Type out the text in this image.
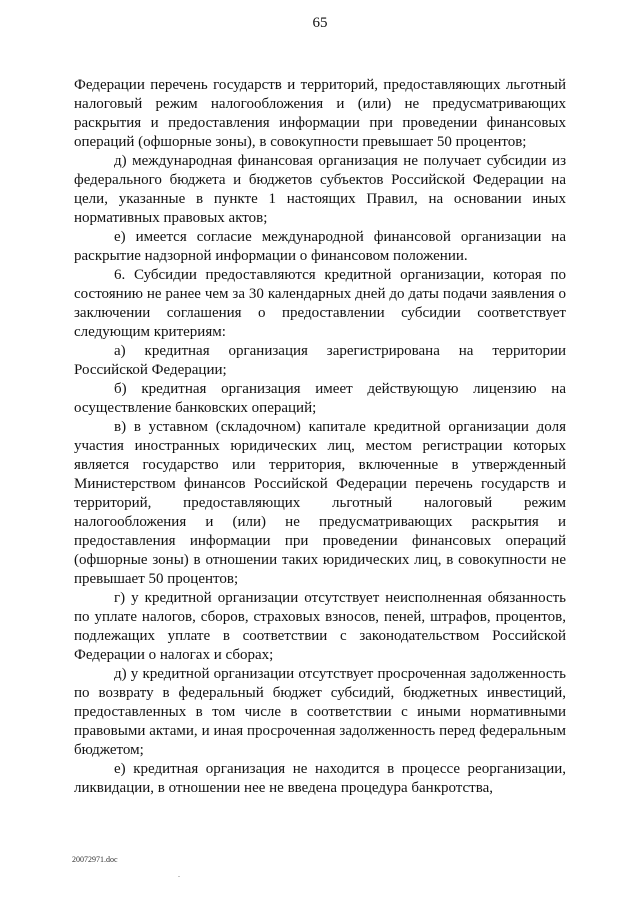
65

Федерации перечень государств и территорий, предоставляющих льготный налоговый режим налогообложения и (или) не предусматривающих раскрытия и предоставления информации при проведении финансовых операций (офшорные зоны), в совокупности превышает 50 процентов;

д) международная финансовая организация не получает субсидии из федерального бюджета и бюджетов субъектов Российской Федерации на цели, указанные в пункте 1 настоящих Правил, на основании иных нормативных правовых актов;

е) имеется согласие международной финансовой организации на раскрытие надзорной информации о финансовом положении.

6. Субсидии предоставляются кредитной организации, которая по состоянию не ранее чем за 30 календарных дней до даты подачи заявления о заключении соглашения о предоставлении субсидии соответствует следующим критериям:

а) кредитная организация зарегистрирована на территории Российской Федерации;

б) кредитная организация имеет действующую лицензию на осуществление банковских операций;

в) в уставном (складочном) капитале кредитной организации доля участия иностранных юридических лиц, местом регистрации которых является государство или территория, включенные в утвержденный Министерством финансов Российской Федерации перечень государств и территорий, предоставляющих льготный налоговый режим налогообложения и (или) не предусматривающих раскрытия и предоставления информации при проведении финансовых операций (офшорные зоны) в отношении таких юридических лиц, в совокупности не превышает 50 процентов;

г) у кредитной организации отсутствует неисполненная обязанность по уплате налогов, сборов, страховых взносов, пеней, штрафов, процентов, подлежащих уплате в соответствии с законодательством Российской Федерации о налогах и сборах;

д) у кредитной организации отсутствует просроченная задолженность по возврату в федеральный бюджет субсидий, бюджетных инвестиций, предоставленных в том числе в соответствии с иными нормативными правовыми актами, и иная просроченная задолженность перед федеральным бюджетом;

е) кредитная организация не находится в процессе реорганизации, ликвидации, в отношении нее не введена процедура банкротства,

20072971.doc
.
